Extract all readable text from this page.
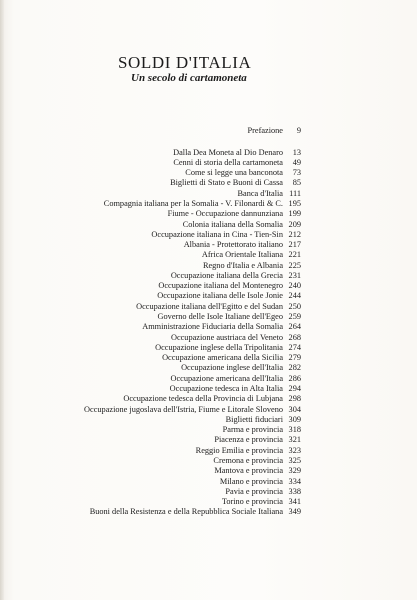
SOLDI D'ITALIA
Un secolo di cartamoneta
Prefazione	9
Dalla Dea Moneta al Dio Denaro	13
Cenni di storia della cartamoneta	49
Come si legge una banconota	73
Biglietti di Stato e Buoni di Cassa	85
Banca d'Italia 111
Compagnia italiana per la Somalia - V. Filonardi & C. 195
Fiume - Occupazione dannunziana 199
Colonia italiana della Somalia 209
Occupazione italiana in Cina - Tien-Sin 212
Albania - Protettorato italiano 217
Africa Orientale Italiana 221
Regno d'Italia e Albania 225
Occupazione italiana della Grecia 231
Occupazione italiana del Montenegro 240
Occupazione italiana delle Isole Jonie 244
Occupazione italiana dell'Egitto e del Sudan 250
Governo delle Isole Italiane dell'Egeo 259
Amministrazione Fiduciaria della Somalia 264
Occupazione austriaca del Veneto 268
Occupazione inglese della Tripolitania 274
Occupazione americana della Sicilia 279
Occupazione inglese dell'Italia 282
Occupazione americana dell'Italia 286
Occupazione tedesca in Alta Italia 294
Occupazione tedesca della Provincia di Lubjana 298
Occupazione jugoslava dell'Istria, Fiume e Litorale Sloveno 304
Biglietti fiduciari 309
Parma e provincia 318
Piacenza e provincia 321
Reggio Emilia e provincia 323
Cremona e provincia 325
Mantova e provincia 329
Milano e provincia 334
Pavia e provincia 338
Torino e provincia 341
Buoni della Resistenza e della Repubblica Sociale Italiana 349
